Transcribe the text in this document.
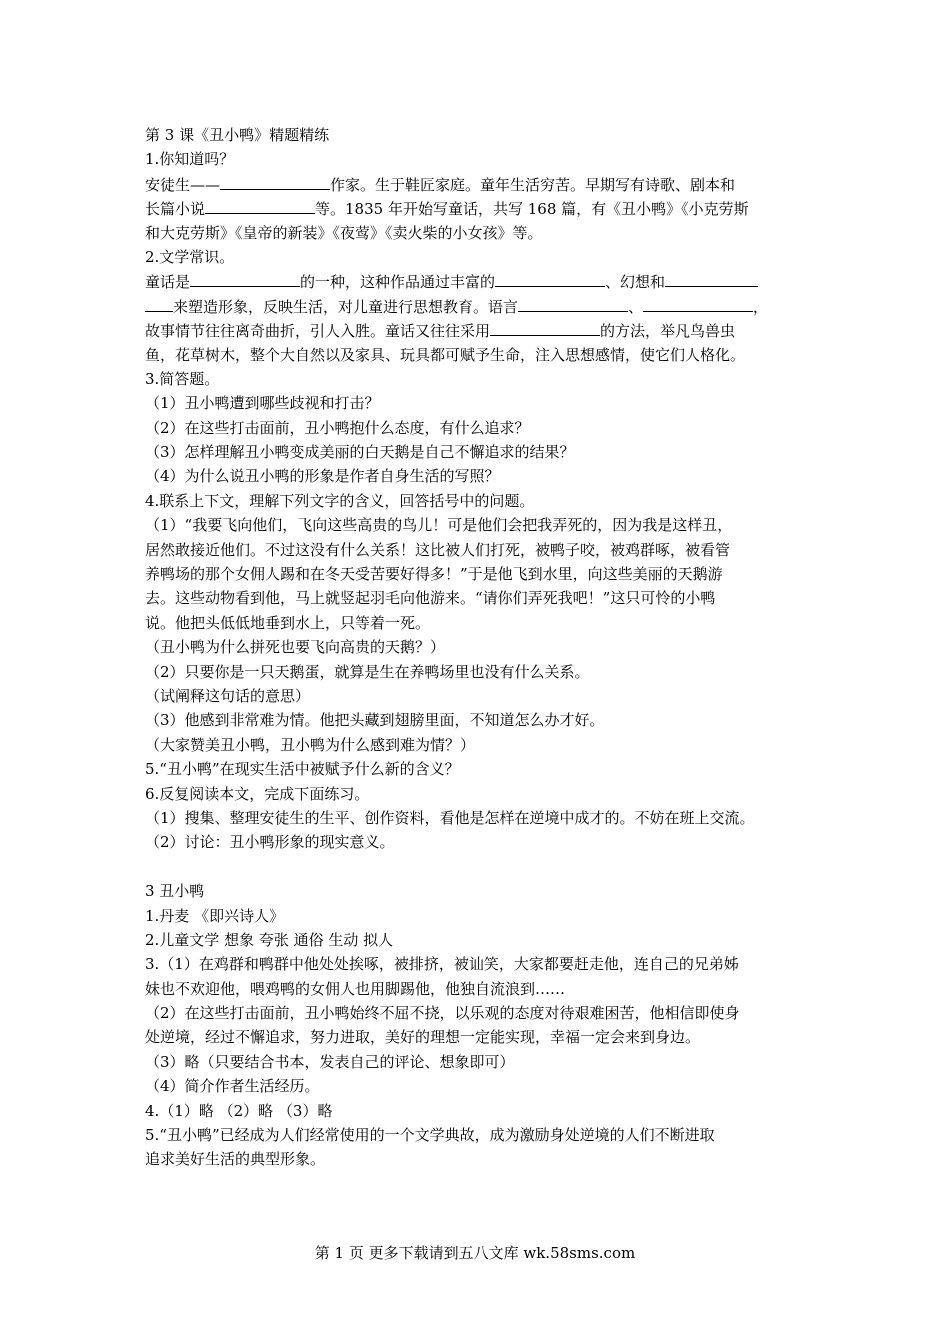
第 3 课《丑小鸭》精题精练
1.你知道吗？
安徒生——	作家。生于鞋匠家庭。童年生活穷苦。早期写有诗歌、剧本和
长篇小说	等。1835 年开始写童话，共写 168 篇，有《丑小鸭》《小克劳斯
和大克劳斯》《皇帝的新装》《夜莺》《卖火柴的小女孩》等。
2.文学常识。
童话是	的一种，这种作品通过丰富的	、幻想和
来塑造形象，反映生活，对儿童进行思想教育。语言	、	，
故事情节往往离奇曲折，引人入胜。童话又往往采用	的方法，举凡鸟兽虫
鱼，花草树木，整个大自然以及家具、玩具都可赋予生命，注入思想感情，使它们人格化。
3.简答题。
（1）丑小鸭遭到哪些歧视和打击？
（2）在这些打击面前，丑小鸭抱什么态度，有什么追求？
（3）怎样理解丑小鸭变成美丽的白天鹅是自己不懈追求的结果？
（4）为什么说丑小鸭的形象是作者自身生活的写照？
4.联系上下文，理解下列文字的含义，回答括号中的问题。
（1）“我要飞向他们，飞向这些高贵的鸟儿！可是他们会把我弄死的，因为我是这样丑，
居然敢接近他们。不过这没有什么关系！这比被人们打死，被鸭子咬，被鸡群啄，被看管
养鸭场的那个女佣人踢和在冬天受苦要好得多！”于是他飞到水里，向这些美丽的天鹅游
去。这些动物看到他，马上就竖起羽毛向他游来。“请你们弄死我吧！”这只可怜的小鸭
说。他把头低低地垂到水上，只等着一死。
（丑小鸭为什么拼死也要飞向高贵的天鹅？）
（2）只要你是一只天鹅蛋，就算是生在养鸭场里也没有什么关系。
（试阐释这句话的意思）
（3）他感到非常难为情。他把头藏到翅膀里面，不知道怎么办才好。
（大家赞美丑小鸭，丑小鸭为什么感到难为情？）
5.“丑小鸭”在现实生活中被赋予什么新的含义？
6.反复阅读本文，完成下面练习。
（1）搜集、整理安徒生的生平、创作资料，看他是怎样在逆境中成才的。不妨在班上交流。
（2）讨论：丑小鸭形象的现实意义。
3 丑小鸭
1.丹麦 《即兴诗人》
2.儿童文学 想象 夸张 通俗 生动 拟人
3.（1）在鸡群和鸭群中他处处挨啄，被排挤，被讪笑，大家都要赶走他，连自己的兄弟姊
妹也不欢迎他，喂鸡鸭的女佣人也用脚踢他，他独自流浪到……
（2）在这些打击面前，丑小鸭始终不屈不挠，以乐观的态度对待艰难困苦，他相信即使身
处逆境，经过不懈追求，努力进取，美好的理想一定能实现，幸福一定会来到身边。
（3）略（只要结合书本，发表自己的评论、想象即可）
（4）简介作者生活经历。
4.（1）略 （2）略 （3）略
5.“丑小鸭”已经成为人们经常使用的一个文学典故，成为激励身处逆境的人们不断进取
追求美好生活的典型形象。
第 1 页 更多下载请到五八文库 wk.58sms.com
